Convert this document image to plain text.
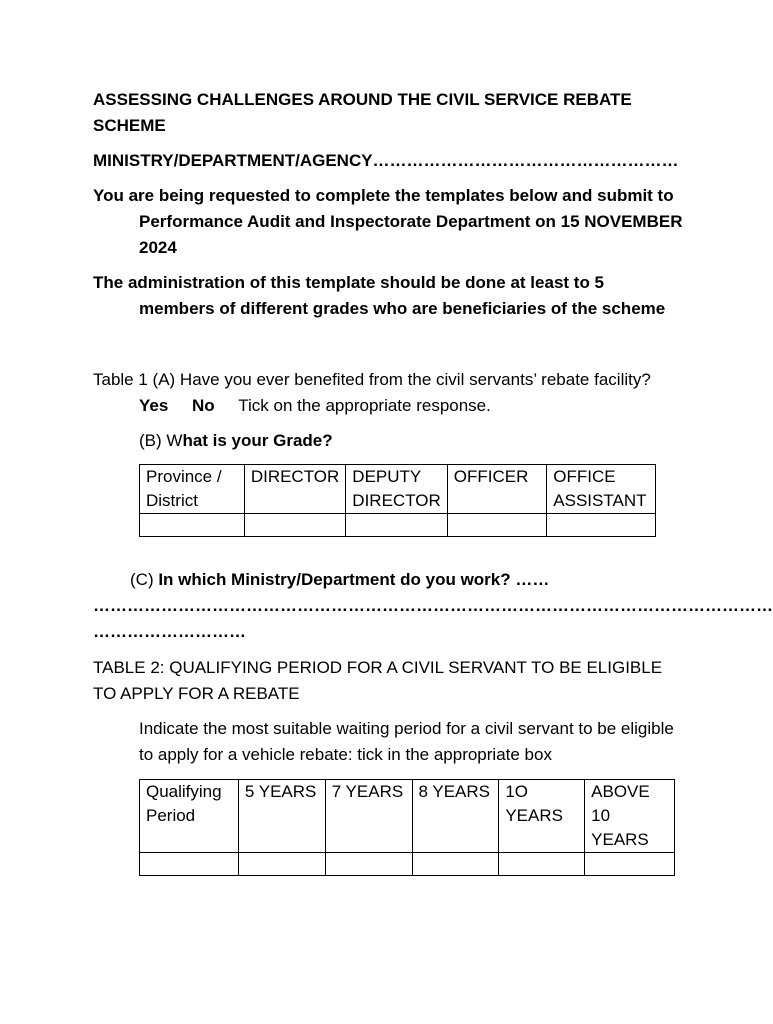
ASSESSING CHALLENGES AROUND THE CIVIL SERVICE REBATE SCHEME

MINISTRY/DEPARTMENT/AGENCY………………………………………………

You are being requested to complete the templates below and submit to Performance Audit and Inspectorate Department on 15 NOVEMBER 2024

The administration of this template should be done at least to 5 members of different grades who are beneficiaries of the scheme

Table 1 (A) Have you ever benefited from the civil servants’ rebate facility? Yes No Tick on the appropriate response.

(B) What is your Grade?

Province / District	DIRECTOR	DEPUTY DIRECTOR	OFFICER	OFFICE ASSISTANT

(C) In which Ministry/Department do you work? ……

…………………………………………………………………………………………………………

………………………

TABLE 2: QUALIFYING PERIOD FOR A CIVIL SERVANT TO BE ELIGIBLE TO APPLY FOR A REBATE

Indicate the most suitable waiting period for a civil servant to be eligible to apply for a vehicle rebate: tick in the appropriate box

Qualifying Period	5 YEARS	7 YEARS	8 YEARS	1O YEARS	ABOVE 10 YEARS
